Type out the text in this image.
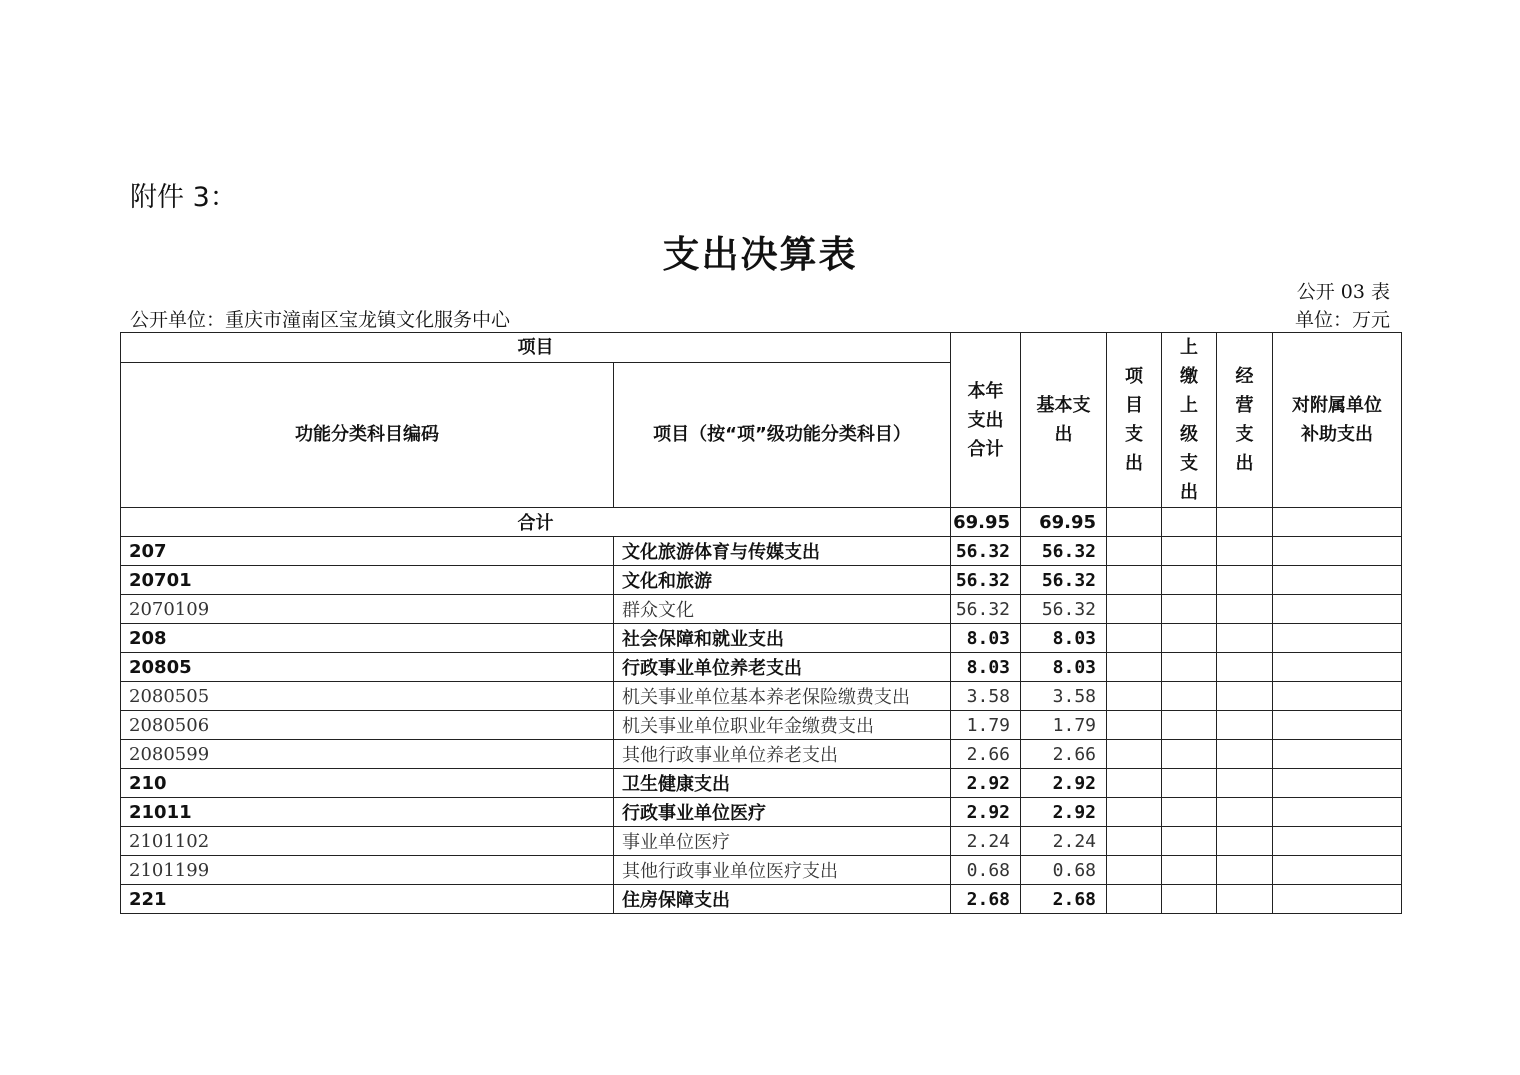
附件 3：
支出决算表
公开 03 表
公开单位：重庆市潼南区宝龙镇文化服务中心	单位：万元
项目		本年支出合计	基本支出	项目支出	上缴上级支出	经营支出	对附属单位补助支出

功能分类科目编码	项目（按“项”级功能分类科目）						
合计		69.95	69.95				
207	文化旅游体育与传媒支出	56.32	56.32				
20701	文化和旅游	56.32	56.32				
2070109	群众文化	56.32	56.32				
208	社会保障和就业支出	8.03	8.03				
20805	行政事业单位养老支出	8.03	8.03				
2080505	机关事业单位基本养老保险缴费支出	3.58	3.58				
2080506	机关事业单位职业年金缴费支出	1.79	1.79				
2080599	其他行政事业单位养老支出	2.66	2.66				
210	卫生健康支出	2.92	2.92				
21011	行政事业单位医疗	2.92	2.92				
2101102	事业单位医疗	2.24	2.24				
2101199	其他行政事业单位医疗支出	0.68	0.68				
221	住房保障支出	2.68	2.68				
